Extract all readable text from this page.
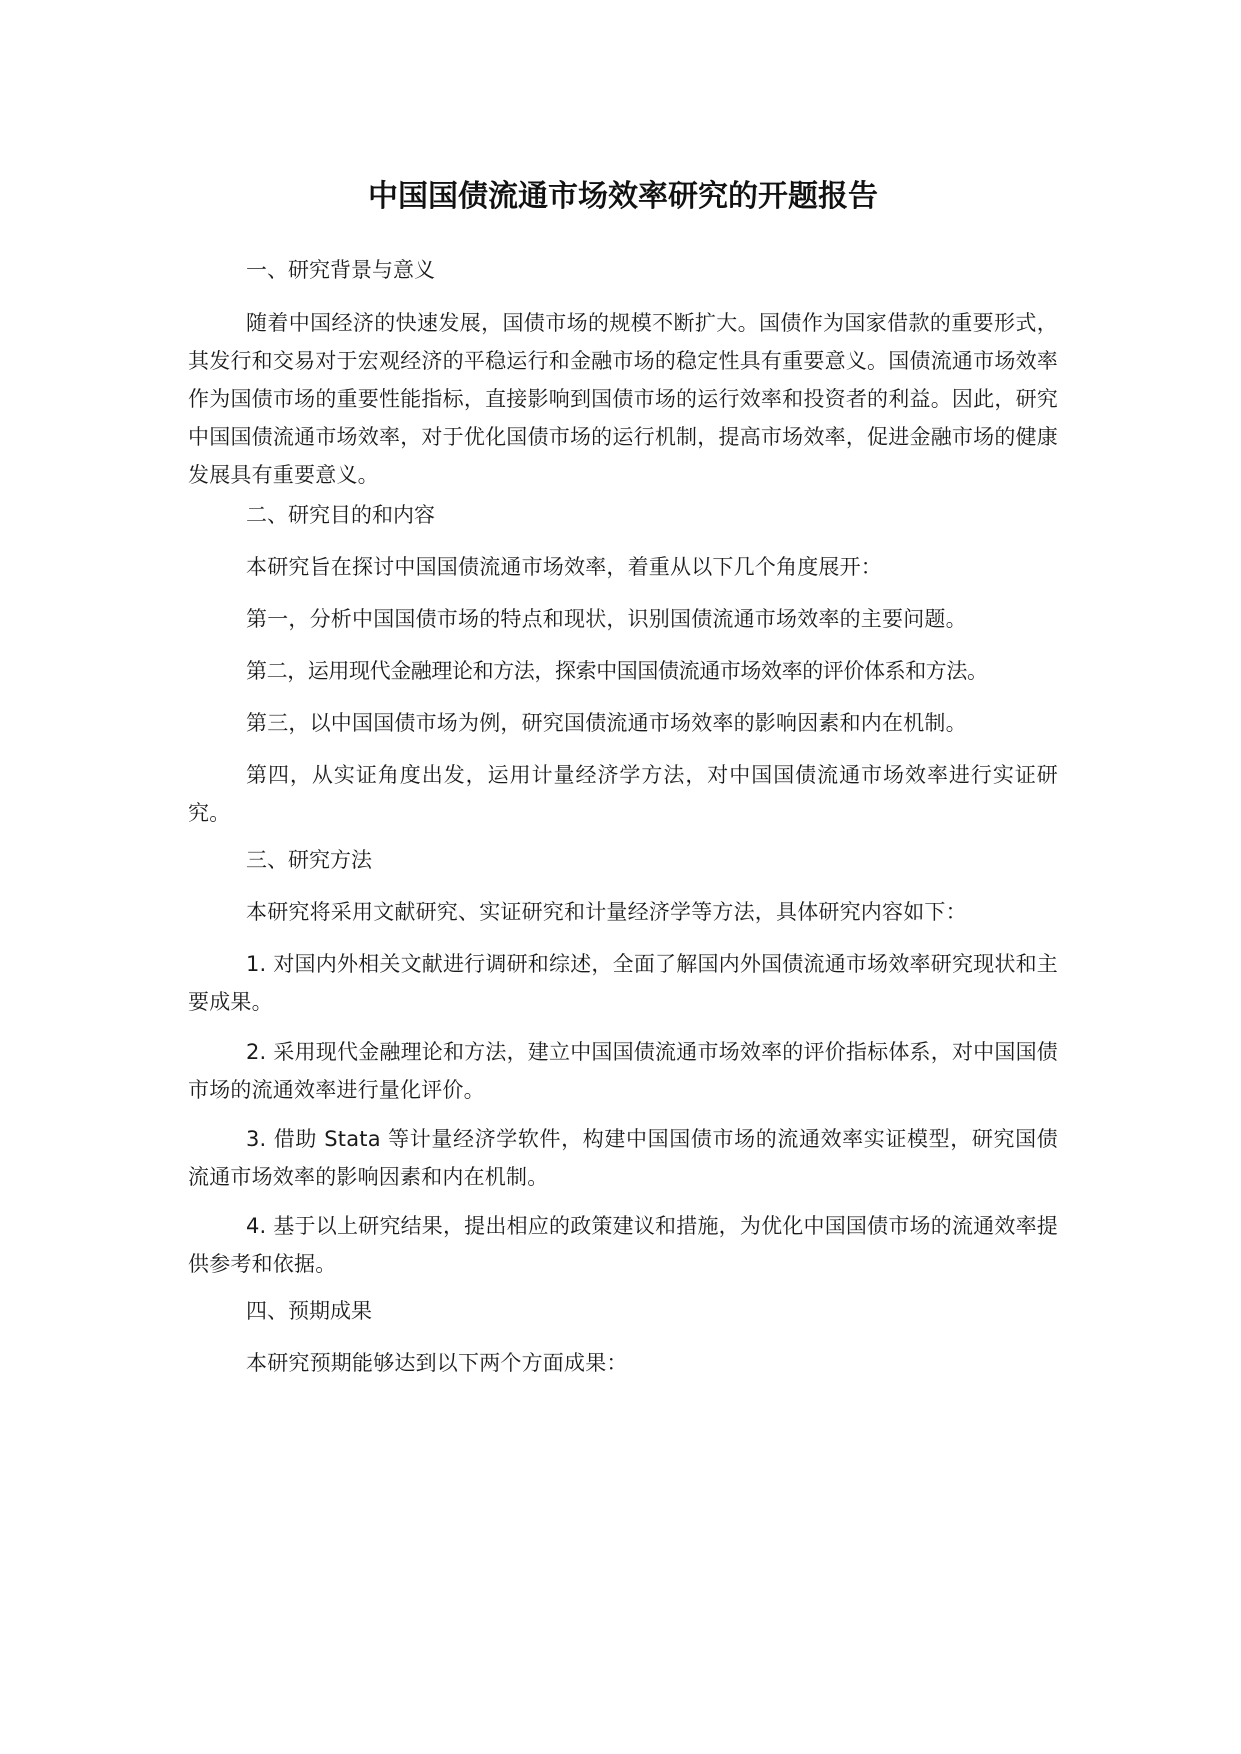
中国国债流通市场效率研究的开题报告

一、研究背景与意义

随着中国经济的快速发展，国债市场的规模不断扩大。国债作为国家借款的重要形式，其发行和交易对于宏观经济的平稳运行和金融市场的稳定性具有重要意义。国债流通市场效率作为国债市场的重要性能指标，直接影响到国债市场的运行效率和投资者的利益。因此，研究中国国债流通市场效率，对于优化国债市场的运行机制，提高市场效率，促进金融市场的健康发展具有重要意义。

二、研究目的和内容

本研究旨在探讨中国国债流通市场效率，着重从以下几个角度展开：

第一，分析中国国债市场的特点和现状，识别国债流通市场效率的主要问题。

第二，运用现代金融理论和方法，探索中国国债流通市场效率的评价体系和方法。

第三，以中国国债市场为例，研究国债流通市场效率的影响因素和内在机制。

第四，从实证角度出发，运用计量经济学方法，对中国国债流通市场效率进行实证研究。

三、研究方法

本研究将采用文献研究、实证研究和计量经济学等方法，具体研究内容如下：

1. 对国内外相关文献进行调研和综述，全面了解国内外国债流通市场效率研究现状和主要成果。

2. 采用现代金融理论和方法，建立中国国债流通市场效率的评价指标体系，对中国国债市场的流通效率进行量化评价。

3. 借助 Stata 等计量经济学软件，构建中国国债市场的流通效率实证模型，研究国债流通市场效率的影响因素和内在机制。

4. 基于以上研究结果，提出相应的政策建议和措施，为优化中国国债市场的流通效率提供参考和依据。

四、预期成果

本研究预期能够达到以下两个方面成果：
